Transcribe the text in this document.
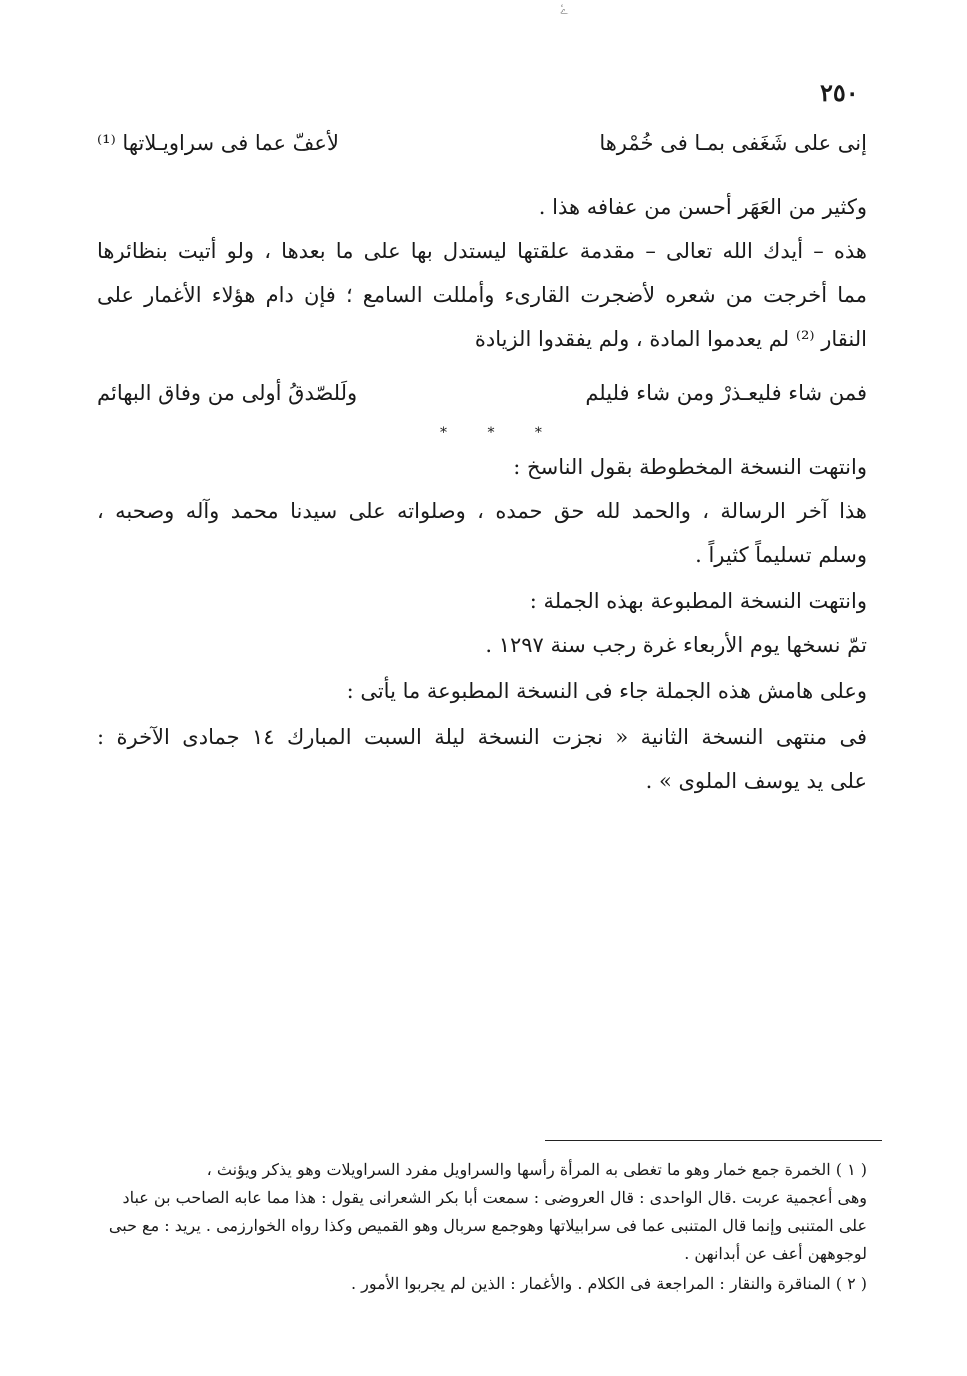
ﮰ
٢٥٠
إنى على شَغَفى بمـا فى خُمْرها
لأعفّ عما فى سراويـلاتها ⁽¹⁾
وكثير من العَهَر أحسن من عفافه هذا .
هذه – أيدك الله تعالى – مقدمة علقتها ليستدل بها على ما بعدها ، ولو أتيت بنظائرها
مما أخرجت من شعره لأضجرت القارىء وأمللت السامع ؛ فإن دام هؤلاء الأغمار على
النقار ⁽²⁾ لم يعدموا المادة ، ولم يفقدوا الزيادة
فمن شاء فليعـذرْ ومن شاء فليلم
ولَلصّدقُ أولى من وفاق البهائم
* * *
وانتهت النسخة المخطوطة بقول الناسخ :
هذا آخر الرسالة ، والحمد لله حق حمده ، وصلواته على سيدنا محمد وآله وصحبه ،
وسلم تسليماً كثيراً .
وانتهت النسخة المطبوعة بهذه الجملة :
تمّ نسخها يوم الأربعاء غرة رجب سنة ١٢٩٧ .
وعلى هامش هذه الجملة جاء فى النسخة المطبوعة ما يأتى :
فى منتهى النسخة الثانية « نجزت النسخة ليلة السبت المبارك ١٤ جمادى الآخرة :
على يد يوسف الملوى » .
( ١ ) الخمرة جمع خمار وهو ما تغطى به المرأة رأسها والسراويل مفرد السراويلات وهو يذكر ويؤنث ،
وهى أعجمية عربت .قال الواحدى : قال العروضى : سمعت أبا بكر الشعرانى يقول : هذا مما عابه الصاحب بن عباد
على المتنبى وإنما قال المتنبى عما فى سرابيلاتها وهوجمع سربال وهو القميص وكذا رواه الخوارزمى . يريد : مع حبى
لوجوههن أعف عن أبدانهن .
( ٢ ) المناقرة والنقار : المراجعة فى الكلام . والأغمار : الذين لم يجربوا الأمور .
